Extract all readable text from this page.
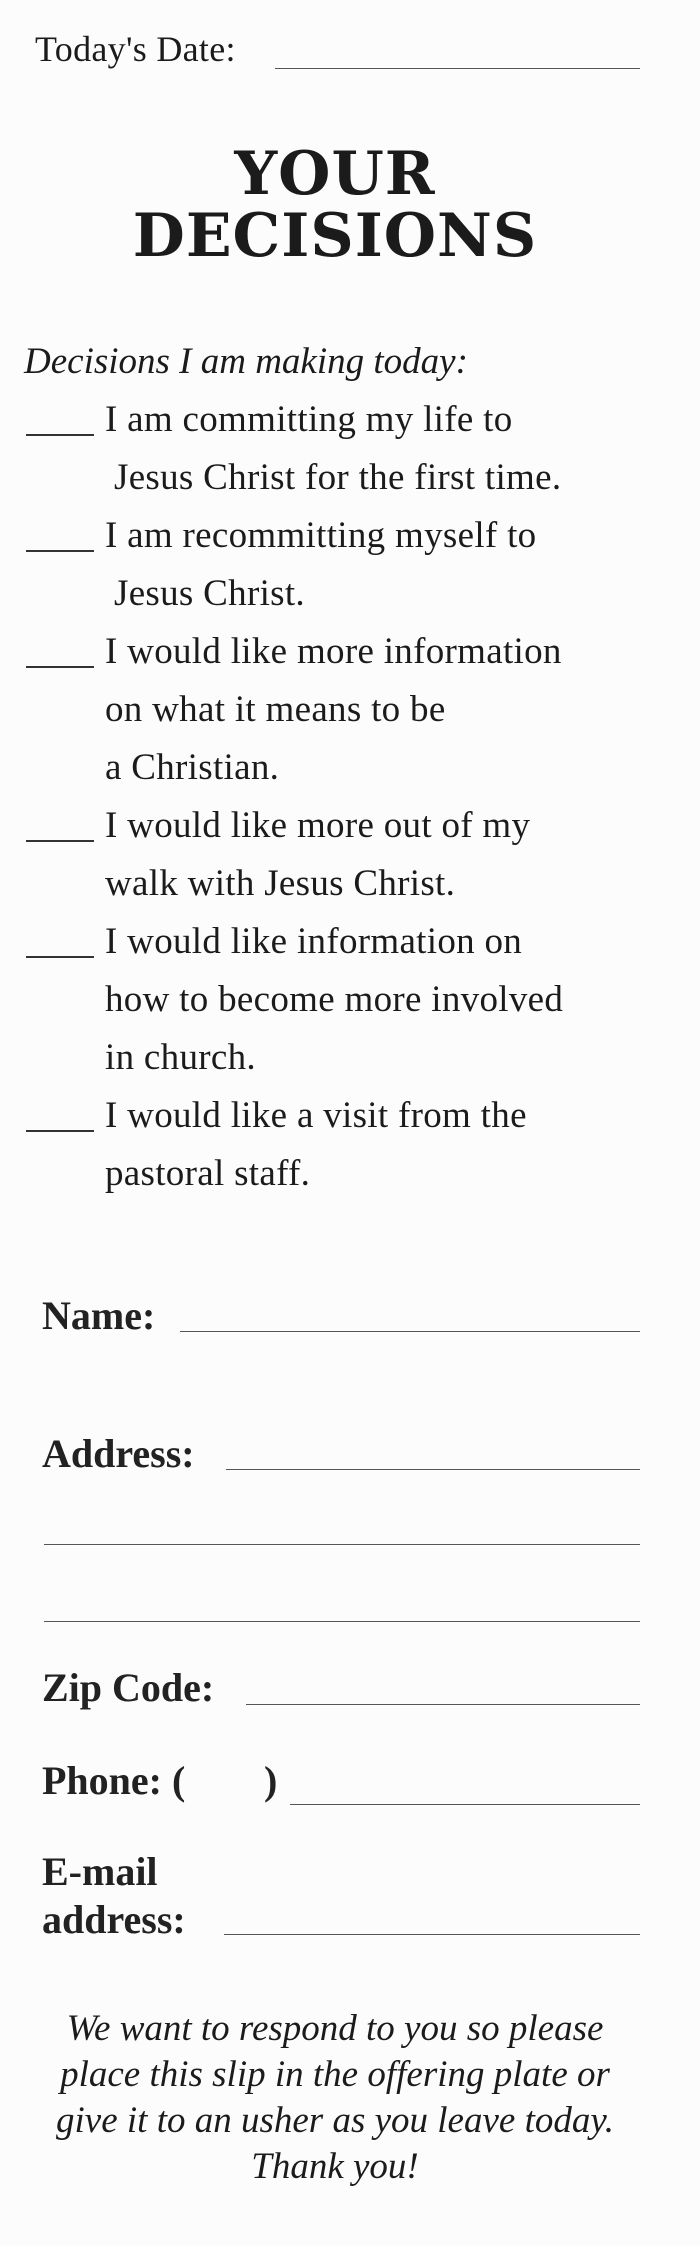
Today's Date:
YOUR
DECISIONS
Decisions I am making today:
I am committing my life to
Jesus Christ for the first time.
I am recommitting myself to
Jesus Christ.
I would like more information
on what it means to be
a Christian.
I would like more out of my
walk with Jesus Christ.
I would like information on
how to become more involved
in church.
I would like a visit from the
pastoral staff.
Name:
Address:
Zip Code:
Phone: ( )
E-mail
address:
We want to respond to you so please
place this slip in the offering plate or
give it to an usher as you leave today.
Thank you!
